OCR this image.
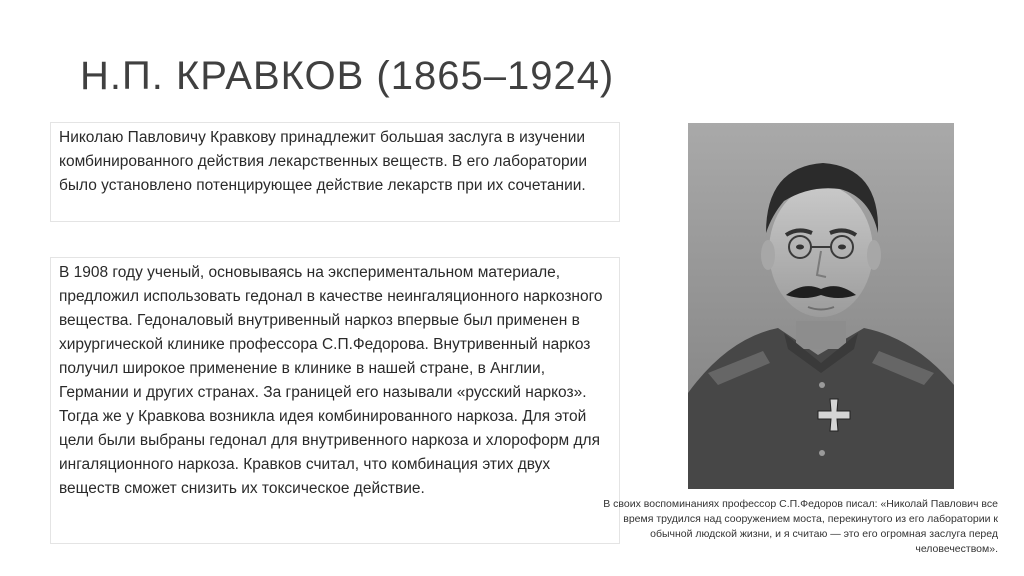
Н.П. КРАВКОВ (1865–1924)
Николаю Павловичу Кравкову принадлежит большая заслуга в изучении комбинированного действия лекарственных веществ. В его лаборатории было установлено потенцирующее действие лекарств при их сочетании.
В 1908 году ученый, основываясь на экспериментальном материале, предложил использовать гедонал в качестве неингаляционного наркозного вещества. Гедоналовый внутривенный наркоз впервые был применен в хирургической клинике профессора С.П.Федорова. Внутривенный наркоз получил широкое применение в клинике в нашей стране, в Англии, Германии и других странах. За границей его называли «русский наркоз». Тогда же у Кравкова возникла идея комбинированного наркоза. Для этой цели были выбраны гедонал для внутривенного наркоза и хлороформ для ингаляционного наркоза. Кравков считал, что комбинация этих двух веществ сможет снизить их токсическое действие.
В своих воспоминаниях профессор С.П.Федоров писал: «Николай Павлович все время трудился над сооружением моста, перекинутого из его лаборатории к обычной людской жизни, и я считаю — это его огромная заслуга перед человечеством».
